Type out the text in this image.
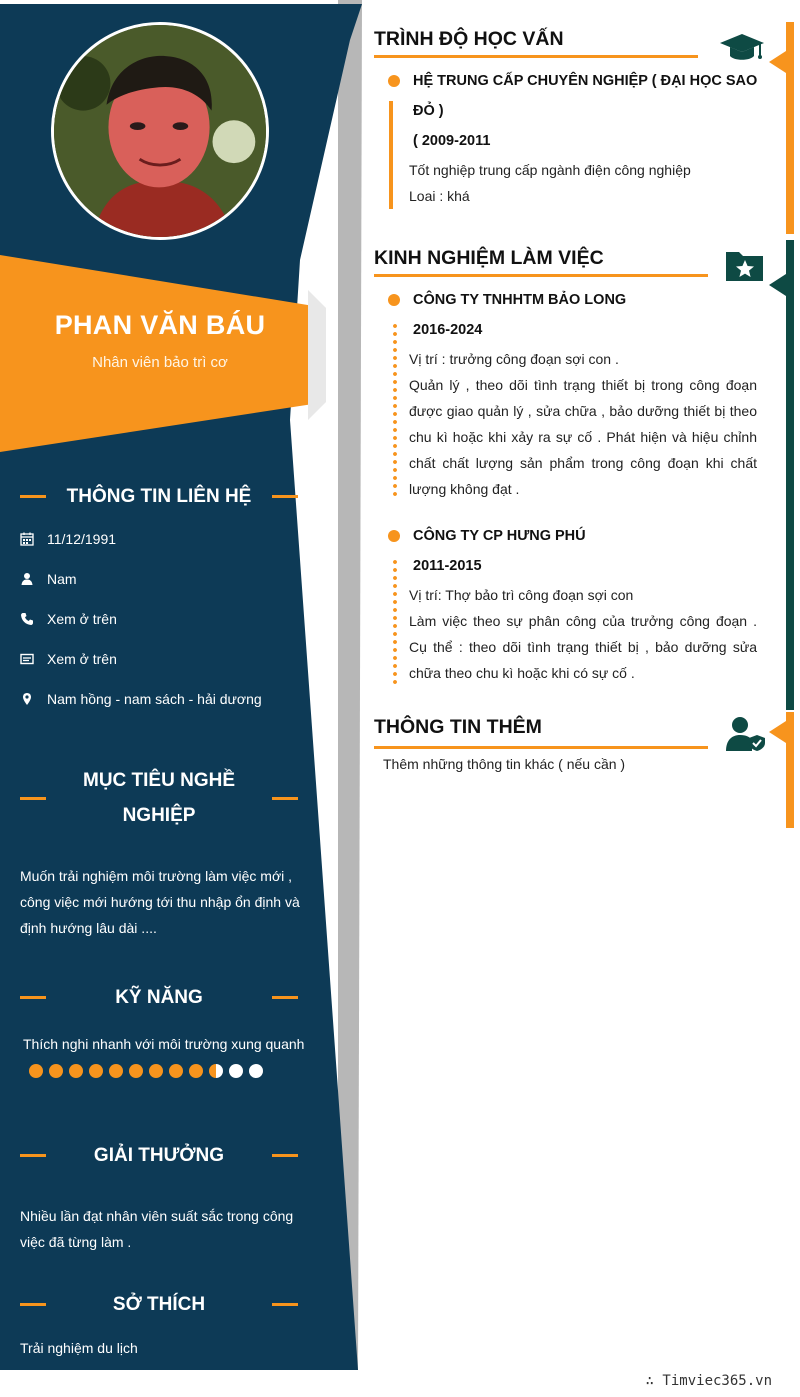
PHAN VĂN BÁU
Nhân viên bảo trì cơ
THÔNG TIN LIÊN HỆ
11/12/1991
Nam
Xem ở trên
Xem ở trên
Nam hồng - nam sách - hải dương
MỤC TIÊU NGHỀ
NGHIỆP
Muốn trải nghiệm môi trường làm việc mới , công việc mới hướng tới thu nhập ổn định và định hướng lâu dài ....
KỸ NĂNG
Thích nghi nhanh với môi trường xung quanh
GIẢI THƯỞNG
Nhiều lần đạt nhân viên suất sắc trong công việc đã từng làm .
SỞ THÍCH
Trải nghiệm du lịch
TRÌNH ĐỘ HỌC VẤN
HỆ TRUNG CẤP CHUYÊN NGHIỆP ( ĐẠI HỌC SAO
ĐỎ )
( 2009-2011
Tốt nghiệp trung cấp ngành điện công nghiệp
Loai : khá
KINH NGHIỆM LÀM VIỆC
CÔNG TY TNHHTM BẢO LONG
2016-2024
Vị trí : trưởng công đoạn sợi con .
Quản lý , theo dõi tình trạng thiết bị trong công đoạn được giao quản lý , sửa chữa , bảo dưỡng thiết bị theo chu kì hoặc khi xảy ra sự cố . Phát hiện và hiệu chỉnh chất chất lượng sản phẩm trong công đoạn khi chất lượng không đạt .
CÔNG TY CP HƯNG PHÚ
2011-2015
Vị trí: Thợ bảo trì công đoạn sợi con
Làm việc theo sự phân công của trưởng công đoạn . Cụ thể : theo dõi tình trạng thiết bị , bảo dưỡng sửa chữa theo chu kì hoặc khi có sự cố .
THÔNG TIN THÊM
Thêm những thông tin khác ( nếu cần )
∴ Timviec365.vn
